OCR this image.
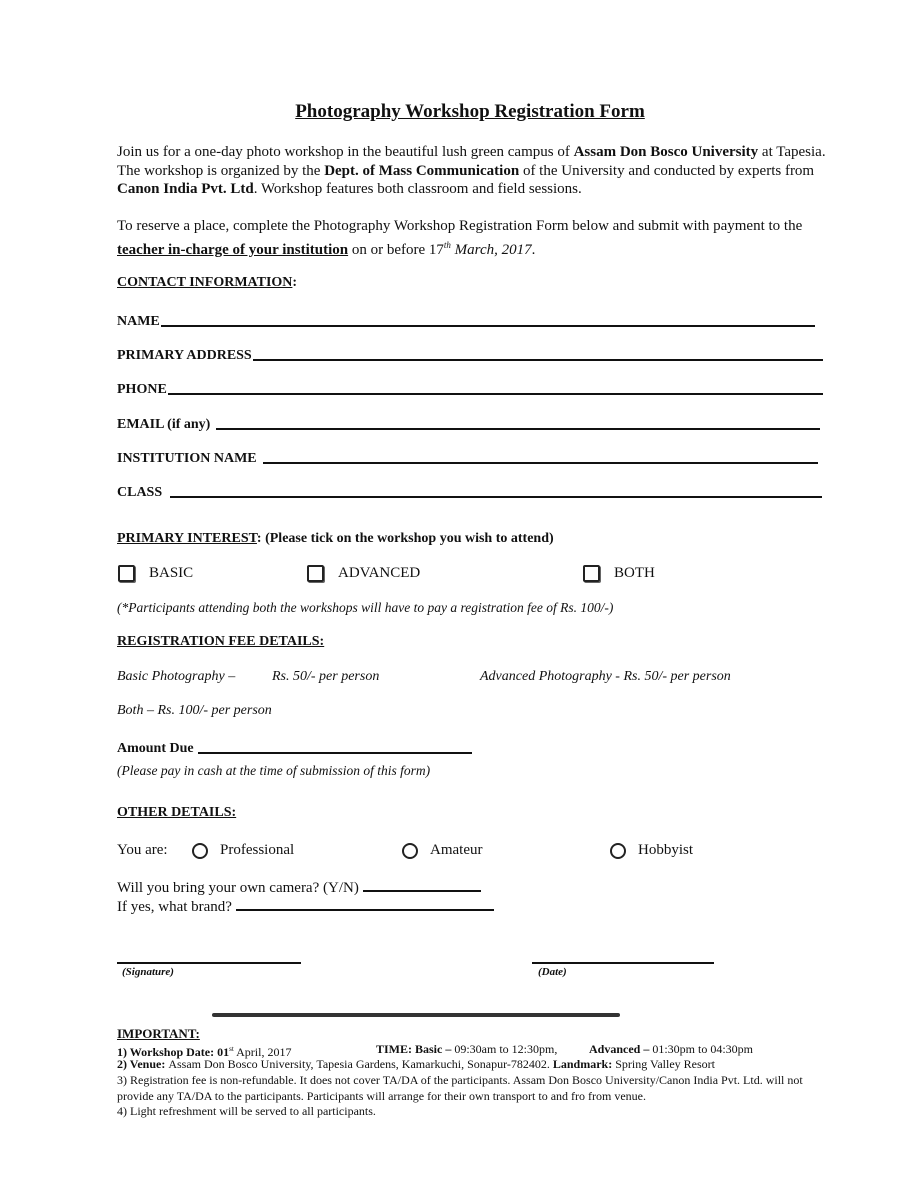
Photography Workshop Registration Form
Join us for a one-day photo workshop in the beautiful lush green campus of Assam Don Bosco University at Tapesia. The workshop is organized by the Dept. of Mass Communication of the University and conducted by experts from Canon India Pvt. Ltd. Workshop features both classroom and field sessions.
To reserve a place, complete the Photography Workshop Registration Form below and submit with payment to the teacher in-charge of your institution on or before 17th March, 2017.
CONTACT INFORMATION:
NAME
PRIMARY ADDRESS
PHONE
EMAIL (if any)
INSTITUTION NAME
CLASS
PRIMARY INTEREST: (Please tick on the workshop you wish to attend)
BASIC	ADVANCED	BOTH
(*Participants attending both the workshops will have to pay a registration fee of Rs. 100/-)
REGISTRATION FEE DETAILS:
Basic Photography –	Rs. 50/- per person	Advanced Photography - Rs. 50/- per person
Both – Rs. 100/- per person
Amount Due
(Please pay in cash at the time of submission of this form)
OTHER DETAILS:
You are:	Professional	Amateur	Hobbyist
Will you bring your own camera? (Y/N)
If yes, what brand?
(Signature)	(Date)
IMPORTANT:
1) Workshop Date: 01st April, 2017	TIME: Basic – 09:30am to 12:30pm,	Advanced – 01:30pm to 04:30pm
2) Venue: Assam Don Bosco University, Tapesia Gardens, Kamarkuchi, Sonapur-782402. Landmark: Spring Valley Resort
3) Registration fee is non-refundable. It does not cover TA/DA of the participants. Assam Don Bosco University/Canon India Pvt. Ltd. will not provide any TA/DA to the participants. Participants will arrange for their own transport to and fro from venue.
4) Light refreshment will be served to all participants.
